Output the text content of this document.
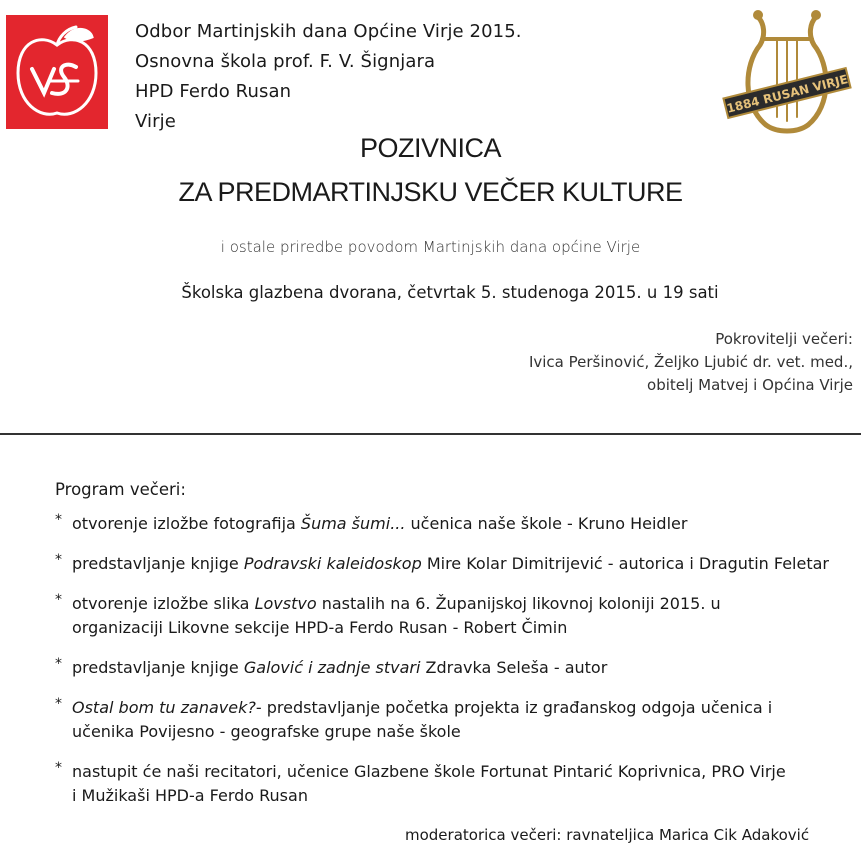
1884 RUSAN VIRJE
Odbor Martinjskih dana Općine Virje 2015.
Osnovna škola prof. F. V. Šignjara
HPD Ferdo Rusan
Virje
POZIVNICA
ZA PREDMARTINJSKU VEČER KULTURE
i ostale priredbe povodom Martinjskih dana općine Virje
Školska glazbena dvorana, četvrtak 5. studenoga 2015. u 19 sati
Pokrovitelji večeri:
Ivica Peršinović, Željko Ljubić dr. vet. med.,
obitelj Matvej i Općina Virje
Program večeri:
* otvorenje izložbe fotografija Šuma šumi... učenica naše škole - Kruno Heidler
* predstavljanje knjige Podravski kaleidoskop Mire Kolar Dimitrijević - autorica i Dragutin Feletar
* otvorenje izložbe slika Lovstvo nastalih na 6. Županijskoj likovnoj koloniji 2015. u
organizaciji Likovne sekcije HPD-a Ferdo Rusan - Robert Čimin
* predstavljanje knjige Galović i zadnje stvari Zdravka Seleša - autor
* Ostal bom tu zanavek?- predstavljanje početka projekta iz građanskog odgoja učenica i
učenika Povijesno - geografske grupe naše škole
* nastupit će naši recitatori, učenice Glazbene škole Fortunat Pintarić Koprivnica, PRO Virje
i Mužikaši HPD-a Ferdo Rusan
moderatorica večeri: ravnateljica Marica Cik Adaković
